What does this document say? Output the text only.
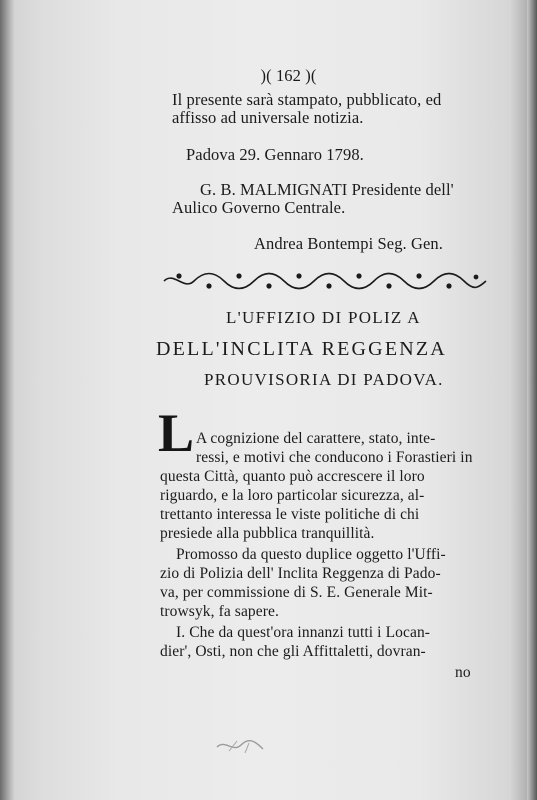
)( 162 )(
Il presente sarà stampato, pubblicato, ed
affisso ad universale notizia.
Padova 29. Gennaro 1798.
G. B. MALMIGNATI Presidente dell'
Aulico Governo Centrale.
Andrea Bontempi Seg. Gen.
L'UFFIZIO DI POLIZ A
DELL'INCLITA REGGENZA
PROUVISORIA DI PADOVA.
L A cognizione del carattere, stato, inte-
ressi, e motivi che conducono i Forastieri in
questa Città, quanto può accrescere il loro
riguardo, e la loro particolar sicurezza, al-
trettanto interessa le viste politiche di chi
presiede alla pubblica tranquillità.
Promosso da questo duplice oggetto l'Uffi-
zio di Polizia dell' Inclita Reggenza di Pado-
va, per commissione di S. E. Generale Mit-
trowsyk, fa sapere.
I. Che da quest'ora innanzi tutti i Locan-
dier', Osti, non che gli Affittaletti, dovran-
no
